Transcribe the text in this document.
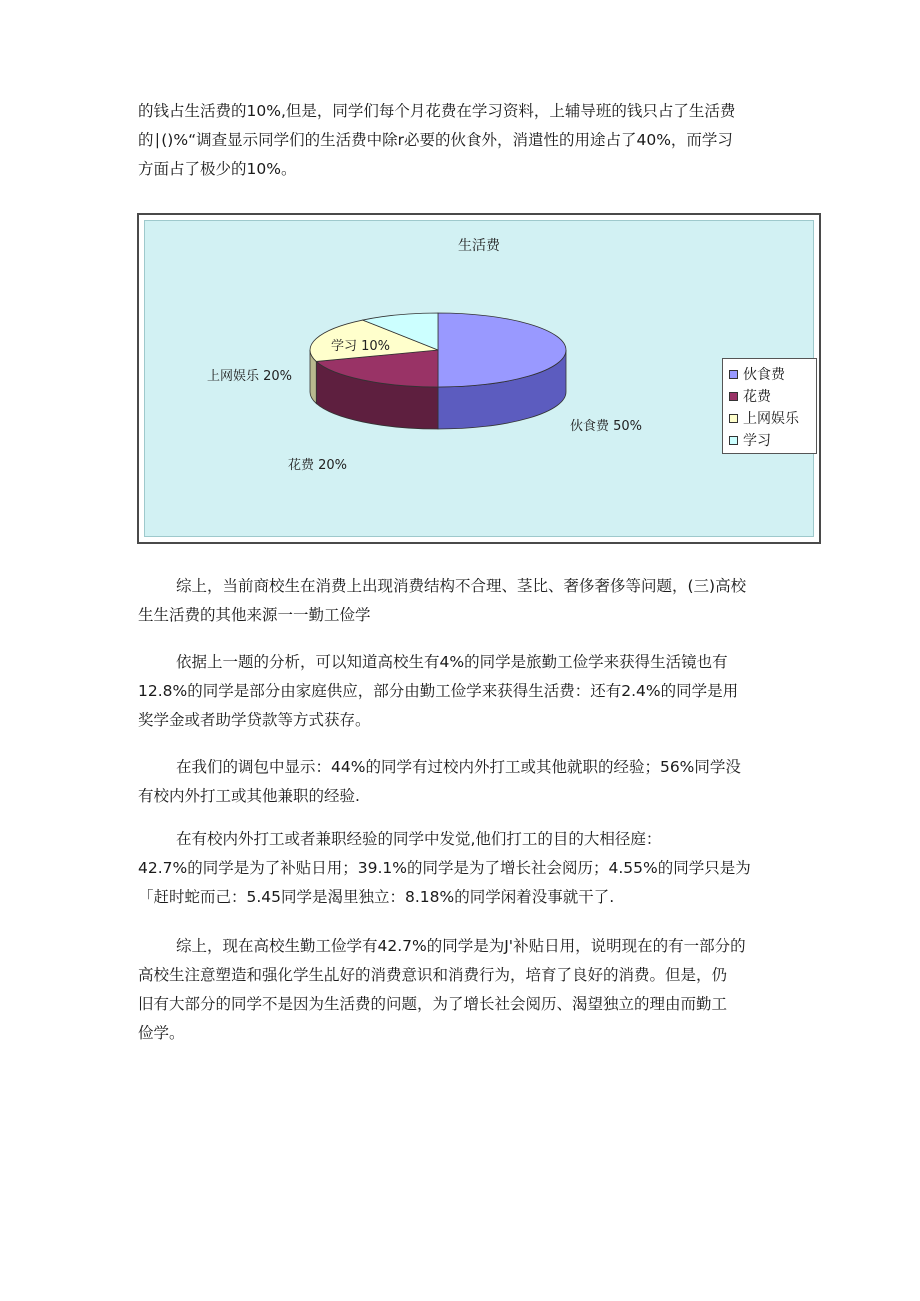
的钱占生活费的10%,但是，同学们每个月花费在学习资料，上辅导班的钱只占了生活费
的∣()%“调查显示同学们的生活费中除r必要的伙食外，消遣性的用途占了40%，而学习
方面占了极少的10%。

生活费
伙食费 50%
花费 20%
上网娱乐 20%
学习 10%
伙食费
花费
上网娱乐
学习

综上，当前商校生在消费上出现消费结构不合理、茎比、奢侈奢侈等问题，(三)高校
生生活费的其他来源一一勤工俭学

依据上一题的分析，可以知道高校生有4%的同学是旅勤工俭学来获得生活镜也有
12.8%的同学是部分由家庭供应，部分由勤工俭学来获得生活费：还有2.4%的同学是用
奖学金或者助学贷款等方式获存。

在我们的调包中显示：44%的同学有过校内外打工或其他就职的经验；56%同学没
有校内外打工或其他兼职的经验.

在有校内外打工或者兼职经验的同学中发觉,他们打工的目的大相径庭：
42.7%的同学是为了补贴日用；39.1%的同学是为了增长社会阅历；4.55%的同学只是为
「赶时蛇而己：5.45同学是渴里独立：8.18%的同学闲着没事就干了.

综上，现在高校生勤工俭学有42.7%的同学是为J'补贴日用，说明现在的有一部分的
高校生注意塑造和强化学生乩好的消费意识和消费行为，培育了良好的消费。但是，仍
旧有大部分的同学不是因为生活费的问题，为了增长社会阅历、渴望独立的理由而勤工
俭学。
